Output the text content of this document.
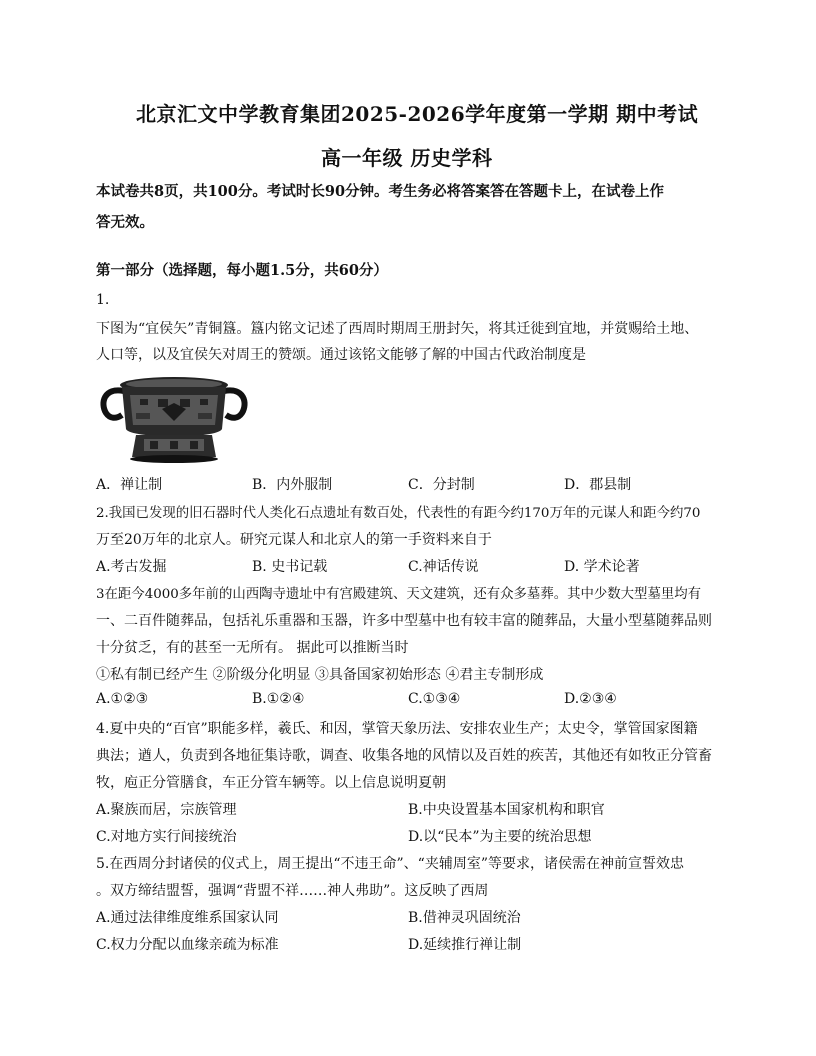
北京汇文中学教育集团2025-2026学年度第一学期 期中考试
高一年级 历史学科
本试卷共8页，共100分。考试时长90分钟。考生务必将答案答在答题卡上，在试卷上作
答无效。
第一部分（选择题，每小题1.5分，共60分）
1.
下图为“宜侯矢”青铜簋。簋内铭文记述了西周时期周王册封矢，将其迁徙到宜地，并赏赐给土地、
人口等，以及宜侯矢对周王的赞颂。通过该铭文能够了解的中国古代政治制度是
A．禅让制	B．内外服制	C．分封制	D．郡县制
2.我国已发现的旧石器时代人类化石点遗址有数百处，代表性的有距今约170万年的元谋人和距今约70
万至20万年的北京人。研究元谋人和北京人的第一手资料来自于
A.考古发掘	B. 史书记载	C.神话传说	D. 学术论著
3在距今4000多年前的山西陶寺遗址中有宫殿建筑、天文建筑，还有众多墓葬。其中少数大型墓里均有
一、二百件随葬品，包括礼乐重器和玉器，许多中型墓中也有较丰富的随葬品，大量小型墓随葬品则
十分贫乏，有的甚至一无所有。 据此可以推断当时
①私有制已经产生 ②阶级分化明显 ③具备国家初始形态 ④君主专制形成
A.①②③	B.①②④	C.①③④	D.②③④
4.夏中央的“百官”职能多样，羲氏、和因，掌管天象历法、安排农业生产；太史令，掌管国家图籍
典法；遒人，负责到各地征集诗歌，调查、收集各地的风情以及百姓的疾苦，其他还有如牧正分管畜
牧，庖正分管膳食，车正分管车辆等。以上信息说明夏朝
A.聚族而居，宗族管理	B.中央设置基本国家机构和职官
C.对地方实行间接统治	D.以“民本”为主要的统治思想
5.在西周分封诸侯的仪式上，周王提出“不违王命”、“夹辅周室”等要求，诸侯需在神前宣誓效忠
。双方缔结盟誓，强调“背盟不祥……神人弗助”。这反映了西周
A.通过法律维度维系国家认同	B.借神灵巩固统治
C.权力分配以血缘亲疏为标准	D.延续推行禅让制
